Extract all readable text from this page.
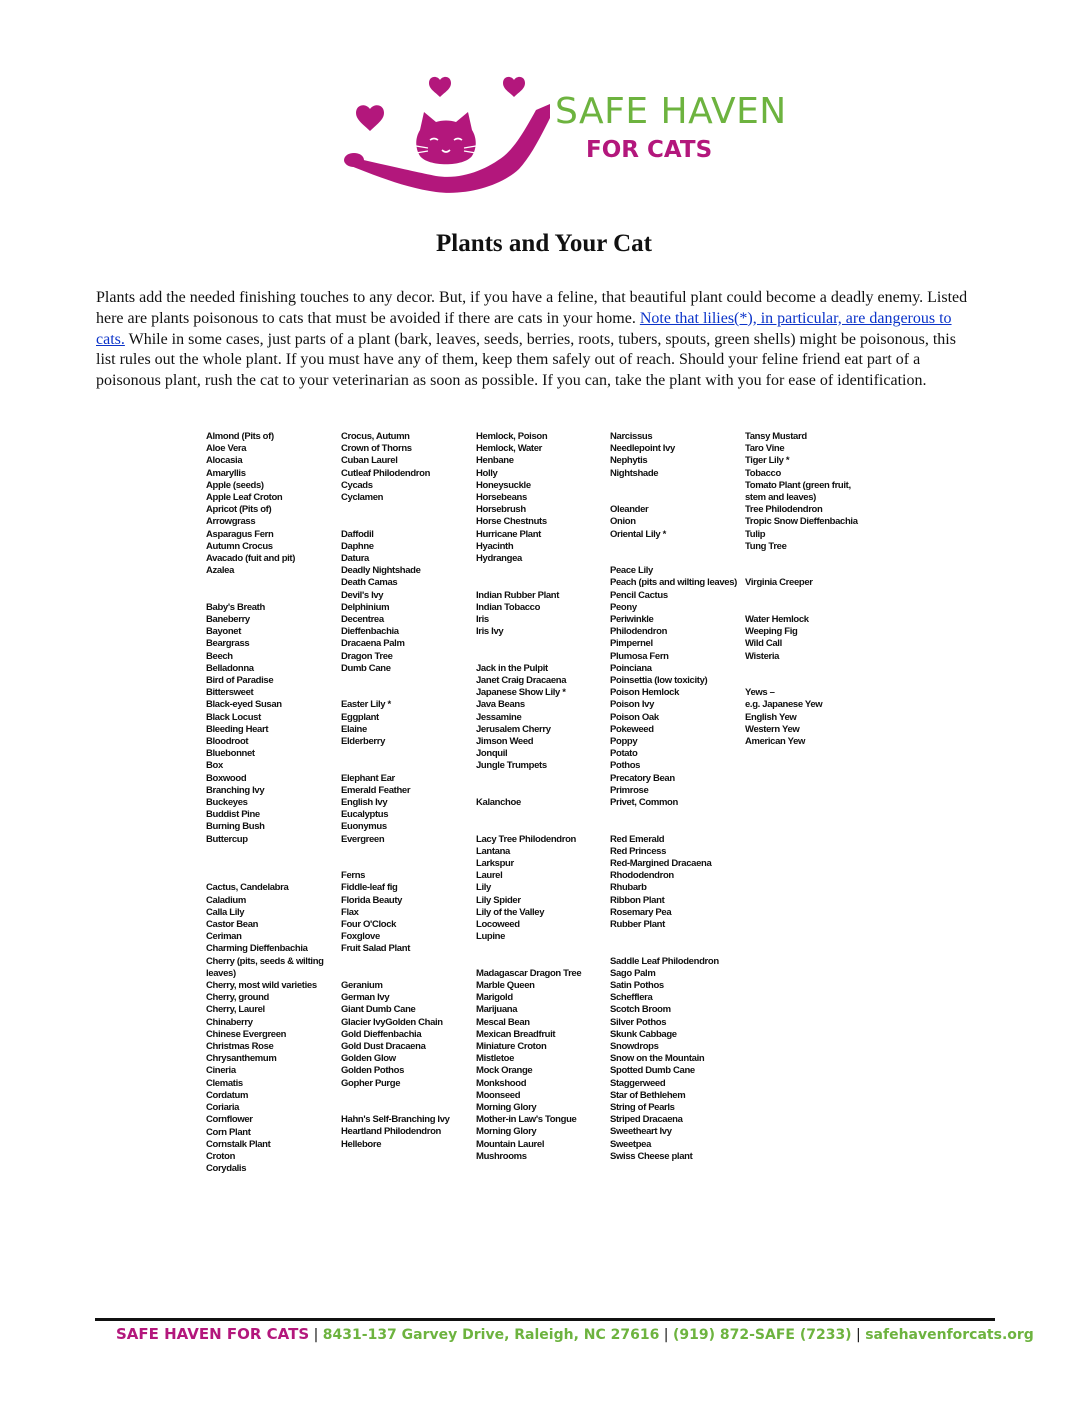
SAFE HAVEN
FOR CATS
Plants and Your Cat

Plants add the needed finishing touches to any decor. But, if you have a feline, that beautiful plant could become a deadly enemy. Listed here are plants poisonous to cats that must be avoided if there are cats in your home. Note that lilies(*), in particular, are dangerous to cats. While in some cases, just parts of a plant (bark, leaves, seeds, berries, roots, tubers, spouts, green shells) might be poisonous, this list rules out the whole plant. If you must have any of them, keep them safely out of reach. Should your feline friend eat part of a poisonous plant, rush the cat to your veterinarian as soon as possible. If you can, take the plant with you for ease of identification.

Almond (Pits of)
Aloe Vera
Alocasia
Amaryllis
Apple (seeds)
Apple Leaf Croton
Apricot (Pits of)
Arrowgrass
Asparagus Fern
Autumn Crocus
Avacado (fuit and pit)
Azalea
Baby's Breath
Baneberry
Bayonet
Beargrass
Beech
Belladonna
Bird of Paradise
Bittersweet
Black-eyed Susan
Black Locust
Bleeding Heart
Bloodroot
Bluebonnet
Box
Boxwood
Branching Ivy
Buckeyes
Buddist Pine
Burning Bush
Buttercup
Cactus, Candelabra
Caladium
Calla Lily
Castor Bean
Ceriman
Charming Dieffenbachia
Cherry (pits, seeds & wilting leaves)
Cherry, most wild varieties
Cherry, ground
Cherry, Laurel
Chinaberry
Chinese Evergreen
Christmas Rose
Chrysanthemum
Cineria
Clematis
Cordatum
Coriaria
Cornflower
Corn Plant
Cornstalk Plant
Croton
Corydalis
Crocus, Autumn
Crown of Thorns
Cuban Laurel
Cutleaf Philodendron
Cycads
Cyclamen
Daffodil
Daphne
Datura
Deadly Nightshade
Death Camas
Devil's Ivy
Delphinium
Decentrea
Dieffenbachia
Dracaena Palm
Dragon Tree
Dumb Cane
Easter Lily *
Eggplant
Elaine
Elderberry
Elephant Ear
Emerald Feather
English Ivy
Eucalyptus
Euonymus
Evergreen
Ferns
Fiddle-leaf fig
Florida Beauty
Flax
Four O'Clock
Foxglove
Fruit Salad Plant
Geranium
German Ivy
Giant Dumb Cane
Glacier IvyGolden Chain
Gold Dieffenbachia
Gold Dust Dracaena
Golden Glow
Golden Pothos
Gopher Purge
Hahn's Self-Branching Ivy
Heartland Philodendron
Hellebore
Hemlock, Poison
Hemlock, Water
Henbane
Holly
Honeysuckle
Horsebeans
Horsebrush
Horse Chestnuts
Hurricane Plant
Hyacinth
Hydrangea
Indian Rubber Plant
Indian Tobacco
Iris
Iris Ivy
Jack in the Pulpit
Janet Craig Dracaena
Japanese Show Lily *
Java Beans
Jessamine
Jerusalem Cherry
Jimson Weed
Jonquil
Jungle Trumpets
Kalanchoe
Lacy Tree Philodendron
Lantana
Larkspur
Laurel
Lily
Lily Spider
Lily of the Valley
Locoweed
Lupine
Madagascar Dragon Tree
Marble Queen
Marigold
Marijuana
Mescal Bean
Mexican Breadfruit
Miniature Croton
Mistletoe
Mock Orange
Monkshood
Moonseed
Morning Glory
Mother-in Law's Tongue
Morning Glory
Mountain Laurel
Mushrooms
Narcissus
Needlepoint Ivy
Nephytis
Nightshade
Oleander
Onion
Oriental Lily *
Peace Lily
Peach (pits and wilting leaves)
Pencil Cactus
Peony
Periwinkle
Philodendron
Pimpernel
Plumosa Fern
Poinciana
Poinsettia (low toxicity)
Poison Hemlock
Poison Ivy
Poison Oak
Pokeweed
Poppy
Potato
Pothos
Precatory Bean
Primrose
Privet, Common
Red Emerald
Red Princess
Red-Margined Dracaena
Rhododendron
Rhubarb
Ribbon Plant
Rosemary Pea
Rubber Plant
Saddle Leaf Philodendron
Sago Palm
Satin Pothos
Schefflera
Scotch Broom
Silver Pothos
Skunk Cabbage
Snowdrops
Snow on the Mountain
Spotted Dumb Cane
Staggerweed
Star of Bethlehem
String of Pearls
Striped Dracaena
Sweetheart Ivy
Sweetpea
Swiss Cheese plant
Tansy Mustard
Taro Vine
Tiger Lily *
Tobacco
Tomato Plant (green fruit, stem and leaves)
Tree Philodendron
Tropic Snow Dieffenbachia
Tulip
Tung Tree
Virginia Creeper
Water Hemlock
Weeping Fig
Wild Call
Wisteria
Yews –
e.g. Japanese Yew
English Yew
Western Yew
American Yew
SAFE HAVEN FOR CATS | 8431-137 Garvey Drive, Raleigh, NC 27616 | (919) 872-SAFE (7233) | safehavenforcats.org
